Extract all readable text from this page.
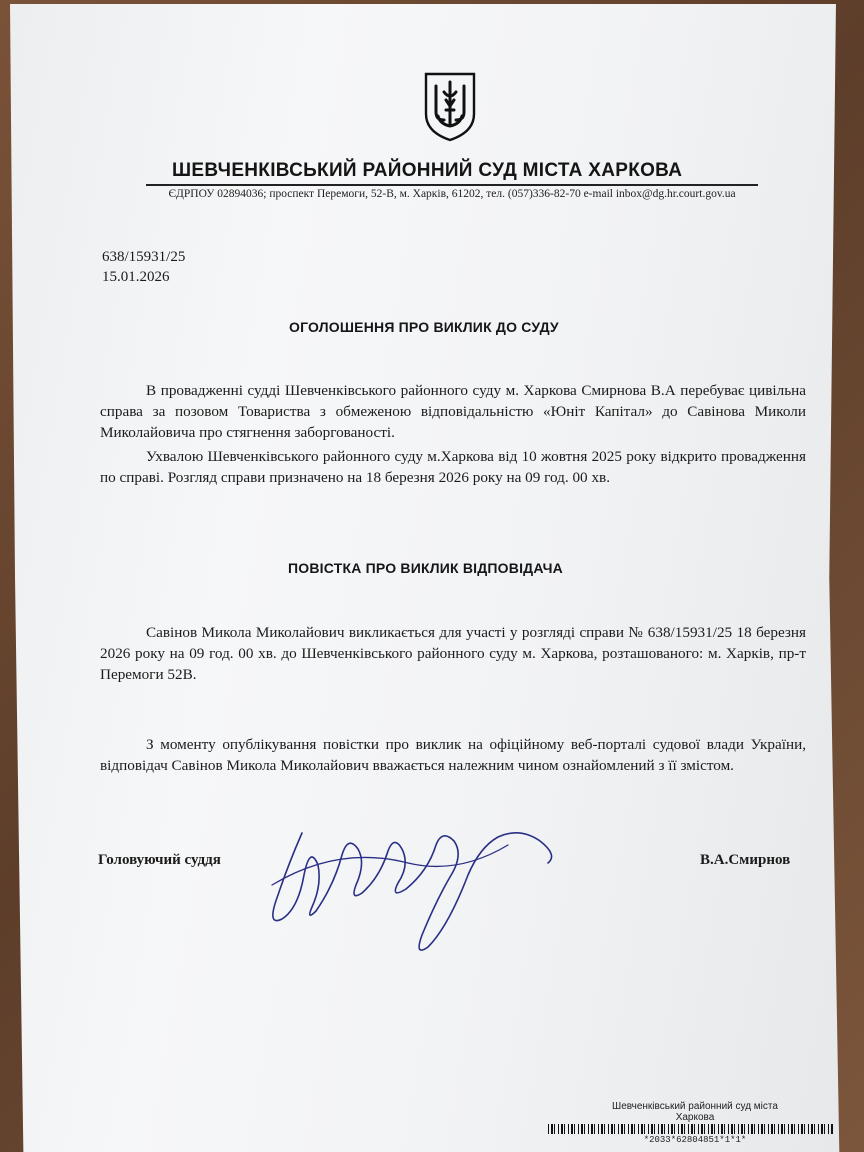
ШЕВЧЕНКІВСЬКИЙ РАЙОННИЙ СУД МІСТА ХАРКОВА
ЄДРПОУ 02894036; проспект Перемоги, 52-В, м. Харків, 61202, тел. (057)336-82-70 e-mail inbox@dg.hr.court.gov.ua
638/15931/25
15.01.2026
ОГОЛОШЕННЯ ПРО ВИКЛИК ДО СУДУ

В провадженні судді Шевченківського районного суду м. Харкова Смирнова В.А перебуває цивільна справа за позовом Товариства з обмеженою відповідальністю «Юніт Капітал» до Савінова Миколи Миколайовича про стягнення заборгованості.

Ухвалою Шевченківського районного суду м.Харкова від 10 жовтня 2025 року відкрито провадження по справі. Розгляд справи призначено на 18 березня 2026 року на 09 год. 00 хв.

ПОВІСТКА ПРО ВИКЛИК ВІДПОВІДАЧА

Савінов Микола Миколайович викликається для участі у розгляді справи № 638/15931/25 18 березня 2026 року на 09 год. 00 хв. до Шевченківського районного суду м. Харкова, розташованого: м. Харків, пр-т Перемоги 52В.

З моменту опублікування повістки про виклик на офіційному веб-порталі судової влади України, відповідач Савінов Микола Миколайович вважається належним чином ознайомлений з її змістом.

Головуючий суддя	В.А.Смирнов
Шевченківський районний суд міста Харкова
*2033*62804851*1*1*
